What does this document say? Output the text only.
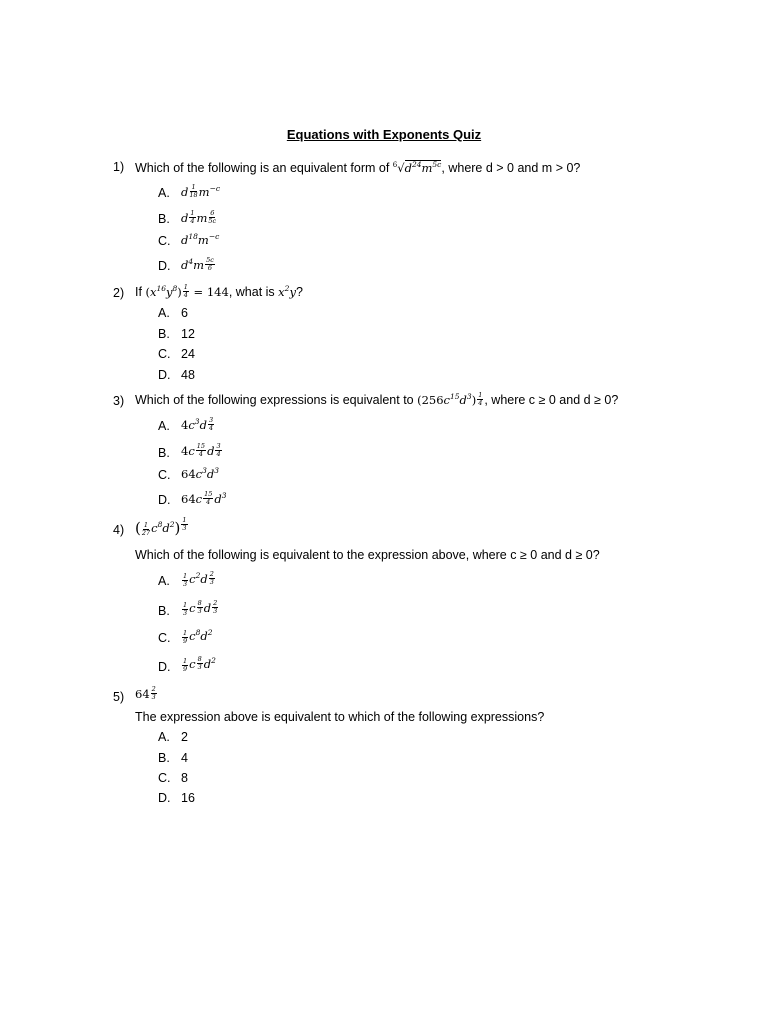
Equations with Exponents Quiz
1) Which of the following is an equivalent form of $^6√d^{24}m^{5c}$, where d > 0 and m > 0?
A. d $\frac{1}{18} m^{-c}$
B. d $\frac{1}{4}$ m $\frac{6}{5c}$
C. $d^{18}m^{-c}$
D. $d^4m \frac{5c}{6}$
2) If $(x^{16}y^8) \frac{1}{4} = 144$, what is $x^2y$?
A. 6
B. 12
C. 24
D. 48
3) Which of the following expressions is equivalent to $(256c^{15}d^3) \frac{1}{4}$ , where c ≥ 0 and d ≥ 0?
A. $4c^3d \frac{3}{4}$
B. $4c \frac{15}{4}$ d $\frac{3}{4}$
C. $64c^3d^3$
D. $64c \frac{15}{4} d^3$
4) ( $\frac{1}{27} c^8d^2) \frac{1}{3}$
Which of the following is equivalent to the expression above, where c ≥ 0 and d ≥ 0?
A. $\frac{1}{3} c^2d \frac{2}{3}$
B. $\frac{1}{3}$ c $\frac{8}{3}$ d $\frac{2}{3}$
C. $\frac{1}{9} c^8d^2$
D. $\frac{1}{9}$ c $\frac{8}{3} d^2$
5) $64 \frac{2}{3}$
The expression above is equivalent to which of the following expressions?
A. 2
B. 4
C. 8
D. 16
